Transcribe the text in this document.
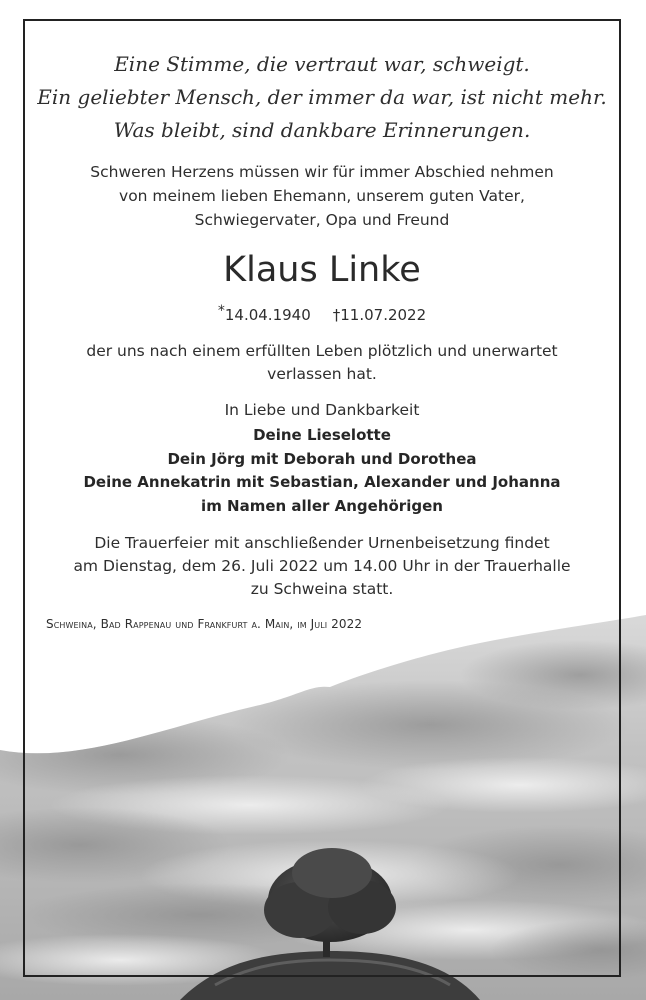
Eine Stimme, die vertraut war, schweigt.
Ein geliebter Mensch, der immer da war, ist nicht mehr.
Was bleibt, sind dankbare Erinnerungen.
Schweren Herzens müssen wir für immer Abschied nehmen
von meinem lieben Ehemann, unserem guten Vater,
Schwiegervater, Opa und Freund
Klaus Linke
*14.04.1940 †11.07.2022
der uns nach einem erfüllten Leben plötzlich und unerwartet
verlassen hat.
In Liebe und Dankbarkeit
Deine Lieselotte
Dein Jörg mit Deborah und Dorothea
Deine Annekatrin mit Sebastian, Alexander und Johanna
im Namen aller Angehörigen
Die Trauerfeier mit anschließender Urnenbeisetzung findet
am Dienstag, dem 26. Juli 2022 um 14.00 Uhr in der Trauerhalle
zu Schweina statt.
Schweina, Bad Rappenau und Frankfurt a. Main, im Juli 2022
